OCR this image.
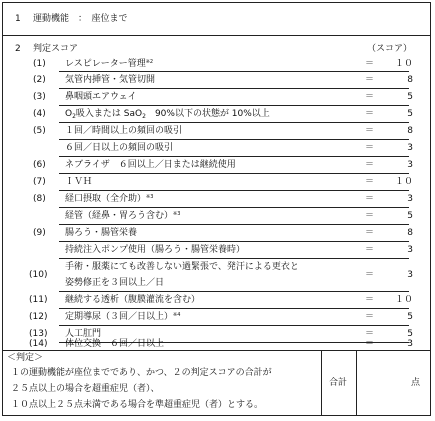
1 運動機能　：　座位まで
2 判定スコア	（スコア）
(1) レスピレーター管理$^{※2}$	＝	１０
(2) 気管内挿管・気管切開	＝	8
(3) 鼻咽頭エアウェイ	＝	5
(4) $O_2$吸入または SaO$_2$　90%以下の状態が 10%以上	＝	5
(5) １回／時間以上の頻回の吸引	＝	8
６回／日以上の頻回の吸引	＝	3
(6) ネブライザ　６回以上／日または継続使用	＝	3
(7) ＩＶＨ	＝	１０
(8) 経口摂取（全介助）$^{※3}$	＝	3
経管（経鼻・胃ろう含む）$^{※3}$	＝	5
(9) 腸ろう・腸管栄養	＝	8
持続注入ポンプ使用（腸ろう・腸管栄養時）	＝	3
(10)
手術・服薬にても改善しない過緊張で、発汗による更衣と
姿勢修正を３回以上／日
＝	3
(11) 継続する透析（腹膜灌流を含む）	＝	１０
(12) 定期導尿（３回／日以上）$^{※4}$	＝	5
(13) 人工肛門	＝	5
(14) 体位交換　６回／日以上	＝	3
＜判定＞
１の運動機能が座位までであり、かつ、２の判定スコアの合計が
２５点以上の場合を超重症児（者）、
１０点以上２５点未満である場合を準超重症児（者）とする。
合計	点
